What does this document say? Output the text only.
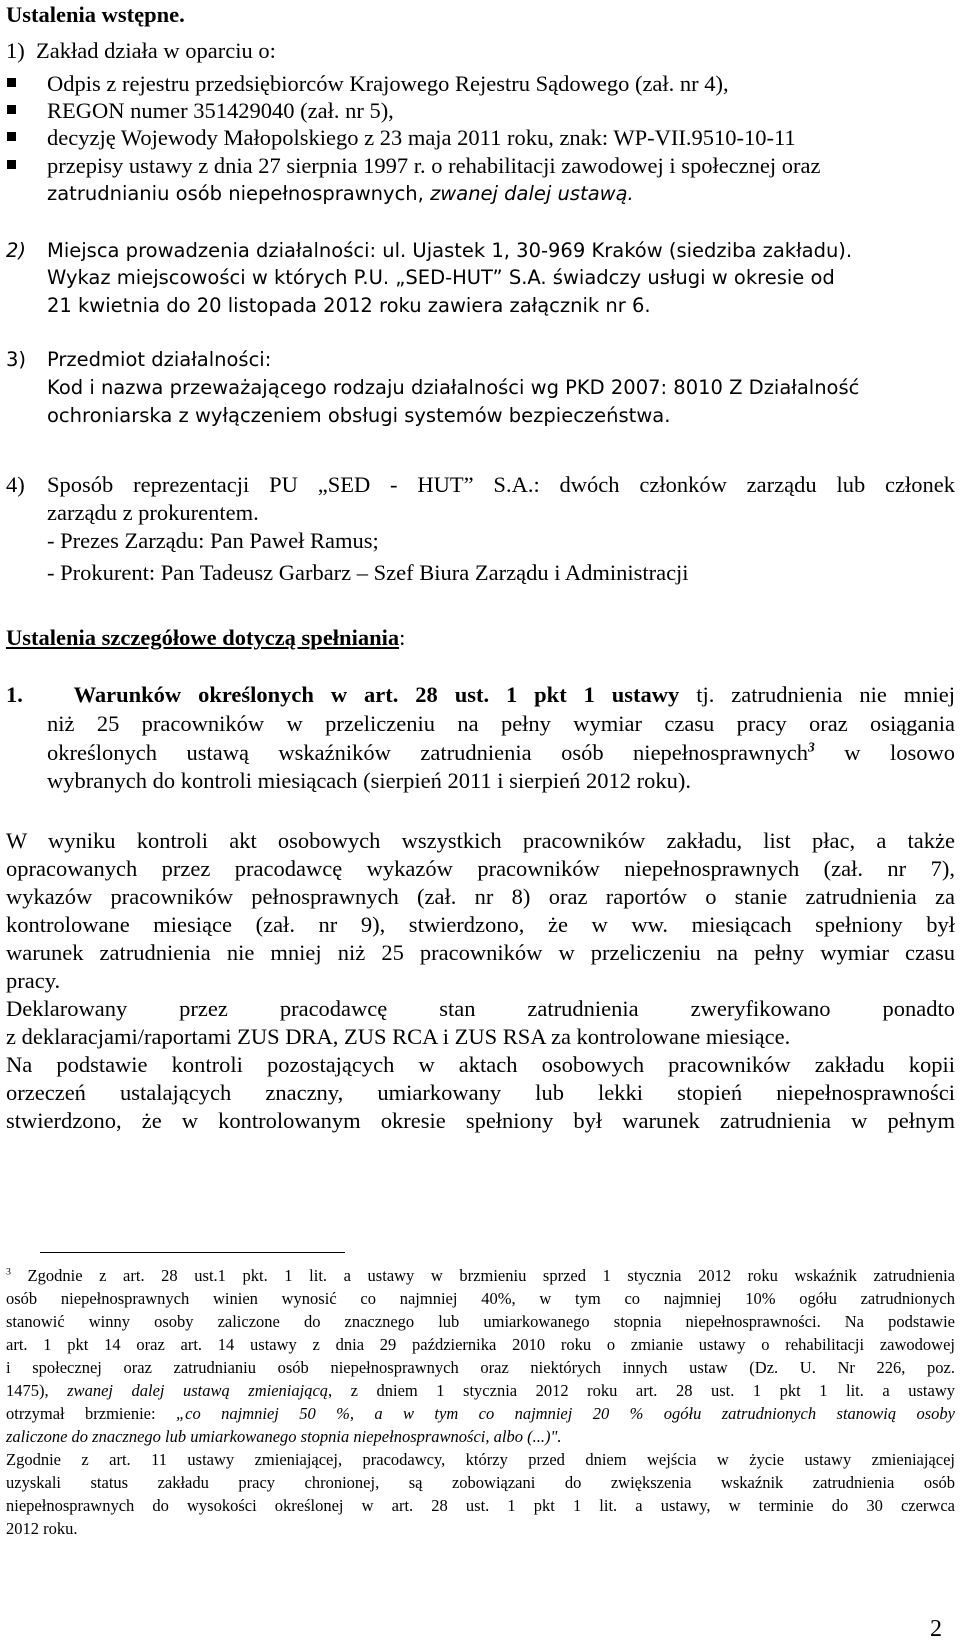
Ustalenia wstępne.
1)  Zakład działa w oparciu o:
Odpis z rejestru przedsiębiorców Krajowego Rejestru Sądowego (zał. nr 4),
REGON numer 351429040 (zał. nr 5),
decyzję Wojewody Małopolskiego z 23 maja 2011 roku, znak: WP-VII.9510-10-11
przepisy ustawy z dnia 27 sierpnia 1997 r. o rehabilitacji zawodowej i społecznej oraz
zatrudnianiu osób niepełnosprawnych, zwanej dalej ustawą.
2) Miejsca prowadzenia działalności: ul. Ujastek 1, 30-969 Kraków (siedziba zakładu).
Wykaz miejscowości w których P.U. „SED-HUT” S.A. świadczy usługi w okresie od
21 kwietnia do 20 listopada 2012 roku zawiera załącznik nr 6.
3) Przedmiot działalności:
Kod i nazwa przeważającego rodzaju działalności wg PKD 2007: 8010 Z Działalność
ochroniarska z wyłączeniem obsługi systemów bezpieczeństwa.
4) Sposób reprezentacji PU „SED - HUT” S.A.: dwóch członków zarządu lub członek
zarządu z prokurentem.
- Prezes Zarządu: Pan Paweł Ramus;
- Prokurent: Pan Tadeusz Garbarz – Szef Biura Zarządu i Administracji
Ustalenia szczegółowe dotyczą spełniania:
1. Warunków określonych w art. 28 ust. 1 pkt 1 ustawy tj. zatrudnienia nie mniej
niż 25 pracowników w przeliczeniu na pełny wymiar czasu pracy oraz osiągania
określonych ustawą wskaźników zatrudnienia osób niepełnosprawnych$^3$ w losowo
wybranych do kontroli miesiącach (sierpień 2011 i sierpień 2012 roku).
W wyniku kontroli akt osobowych wszystkich pracowników zakładu, list płac, a także
opracowanych przez pracodawcę wykazów pracowników niepełnosprawnych (zał. nr 7),
wykazów pracowników pełnosprawnych (zał. nr 8) oraz raportów o stanie zatrudnienia za
kontrolowane miesiące (zał. nr 9), stwierdzono, że w ww. miesiącach spełniony był
warunek zatrudnienia nie mniej niż 25 pracowników w przeliczeniu na pełny wymiar czasu
pracy.
Deklarowany przez pracodawcę stan zatrudnienia zweryfikowano ponadto
z deklaracjami/raportami ZUS DRA, ZUS RCA i ZUS RSA za kontrolowane miesiące.
Na podstawie kontroli pozostających w aktach osobowych pracowników zakładu kopii
orzeczeń ustalających znaczny, umiarkowany lub lekki stopień niepełnosprawności
stwierdzono, że w kontrolowanym okresie spełniony był warunek zatrudnienia w pełnym
$^3$ Zgodnie z art. 28 ust.1 pkt. 1 lit. a ustawy w brzmieniu sprzed 1 stycznia 2012 roku wskaźnik zatrudnienia
osób niepełnosprawnych winien wynosić co najmniej 40%, w tym co najmniej 10% ogółu zatrudnionych
stanowić winny osoby zaliczone do znacznego lub umiarkowanego stopnia niepełnosprawności. Na podstawie
art. 1 pkt 14 oraz art. 14 ustawy z dnia 29 października 2010 roku o zmianie ustawy o rehabilitacji zawodowej
i społecznej oraz zatrudnianiu osób niepełnosprawnych oraz niektórych innych ustaw (Dz. U. Nr 226, poz.
1475), zwanej dalej ustawą zmieniającą, z dniem 1 stycznia 2012 roku art. 28 ust. 1 pkt 1 lit. a ustawy
otrzymał brzmienie: „co najmniej 50 %, a w tym co najmniej 20 % ogółu zatrudnionych stanowią osoby
zaliczone do znacznego lub umiarkowanego stopnia niepełnosprawności, albo (...)".
Zgodnie z art. 11 ustawy zmieniającej, pracodawcy, którzy przed dniem wejścia w życie ustawy zmieniającej
uzyskali status zakładu pracy chronionej, są zobowiązani do zwiększenia wskaźnik zatrudnienia osób
niepełnosprawnych do wysokości określonej w art. 28 ust. 1 pkt 1 lit. a ustawy, w terminie do 30 czerwca
2012 roku.
2
